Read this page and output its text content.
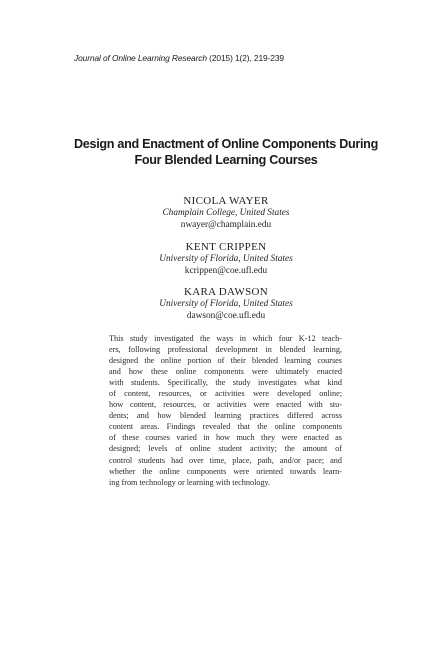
Journal of Online Learning Research (2015) 1(2), 219-239
Design and Enactment of Online Components During
Four Blended Learning Courses
NICOLA WAYER
Champlain College, United States
nwayer@champlain.edu
KENT CRIPPEN
University of Florida, United States
kcrippen@coe.ufl.edu
KARA DAWSON
University of Florida, United States
dawson@coe.ufl.edu
This study investigated the ways in which four K-12 teach-
ers, following professional development in blended learning,
designed the online portion of their blended learning courses
and how these online components were ultimately enacted
with students. Specifically, the study investigates what kind
of content, resources, or activities were developed online;
how content, resources, or activities were enacted with stu-
dents; and how blended learning practices differed across
content areas. Findings revealed that the online components
of these courses varied in how much they were enacted as
designed; levels of online student activity; the amount of
control students had over time, place, path, and/or pace; and
whether the online components were oriented towards learn-
ing from technology or learning with technology.
